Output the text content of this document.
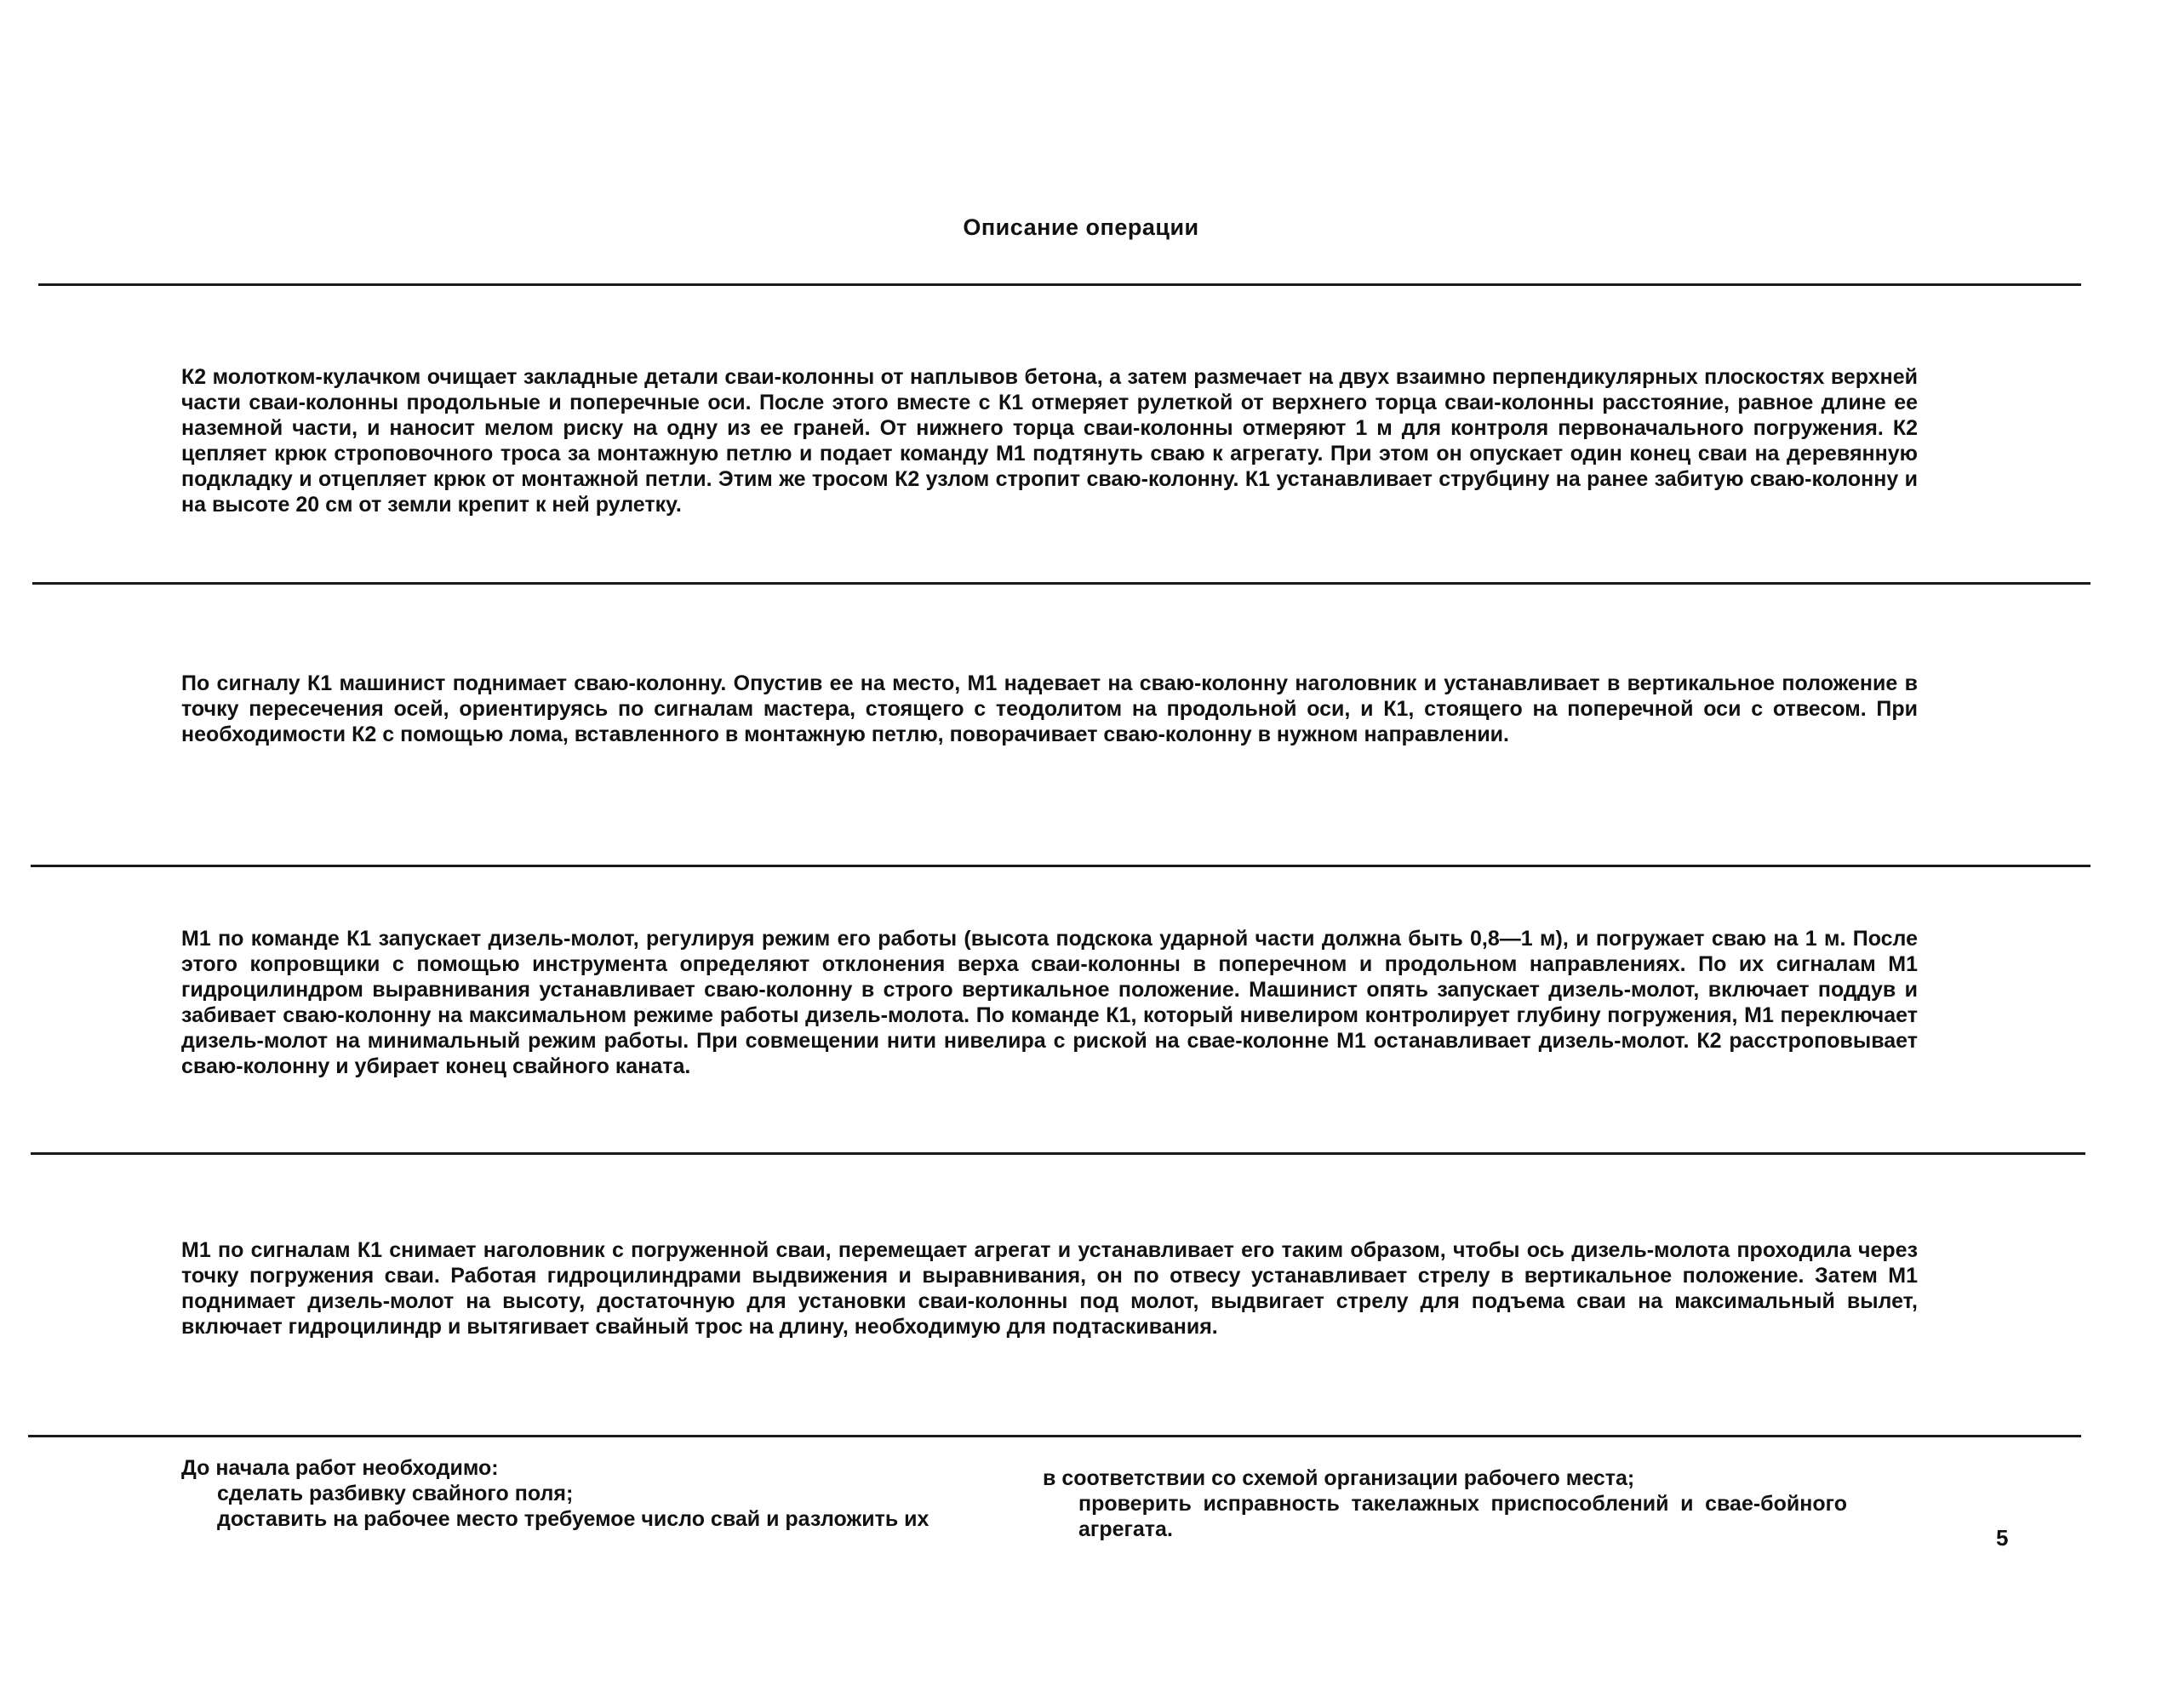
Описание операции
К2 молотком-кулачком очищает закладные детали сваи-колонны от наплывов бетона, а затем размечает на двух взаимно перпендикулярных плоскостях верхней части сваи-колонны продольные и поперечные оси. После этого вместе с К1 отмеряет рулеткой от верхнего торца сваи-колонны расстояние, равное длине ее наземной части, и наносит мелом риску на одну из ее граней. От нижнего торца сваи-колонны отмеряют 1 м для контроля первоначального погружения. К2 цепляет крюк строповочного троса за монтажную петлю и подает команду М1 подтянуть сваю к агрегату. При этом он опускает один конец сваи на деревянную подкладку и отцепляет крюк от монтажной петли. Этим же тросом К2 узлом стропит сваю-колонну. К1 устанавливает струбцину на ранее забитую сваю-колонну и на высоте 20 см от земли крепит к ней рулетку.
По сигналу К1 машинист поднимает сваю-колонну. Опустив ее на место, М1 надевает на сваю-колонну наголовник и устанавливает в вертикальное положение в точку пересечения осей, ориентируясь по сигналам мастера, стоящего с теодолитом на продольной оси, и К1, стоящего на поперечной оси с отвесом. При необходимости К2 с помощью лома, вставленного в монтажную петлю, поворачивает сваю-колонну в нужном направлении.
М1 по команде К1 запускает дизель-молот, регулируя режим его работы (высота подскока ударной части должна быть 0,8—1 м), и погружает сваю на 1 м. После этого копровщики с помощью инструмента определяют отклонения верха сваи-колонны в поперечном и продольном направлениях. По их сигналам М1 гидроцилиндром выравнивания устанавливает сваю-колонну в строго вертикальное положение. Машинист опять запускает дизель-молот, включает поддув и забивает сваю-колонну на максимальном режиме работы дизель-молота. По команде К1, который нивелиром контролирует глубину погружения, М1 переключает дизель-молот на минимальный режим работы. При совмещении нити нивелира с риской на свае-колонне М1 останавливает дизель-молот. К2 расстроповывает сваю-колонну и убирает конец свайного каната.
М1 по сигналам К1 снимает наголовник с погруженной сваи, перемещает агрегат и устанавливает его таким образом, чтобы ось дизель-молота проходила через точку погружения сваи. Работая гидроцилиндрами выдвижения и выравнивания, он по отвесу устанавливает стрелу в вертикальное положение. Затем М1 поднимает дизель-молот на высоту, достаточную для установки сваи-колонны под молот, выдвигает стрелу для подъема сваи на максимальный вылет, включает гидроцилиндр и вытягивает свайный трос на длину, необходимую для подтаскивания.
До начала работ необходимо:
сделать разбивку свайного поля;
доставить на рабочее место требуемое число свай и разложить их
в соответствии со схемой организации рабочего места;
проверить исправность такелажных приспособлений и свае-бойного агрегата.	5
